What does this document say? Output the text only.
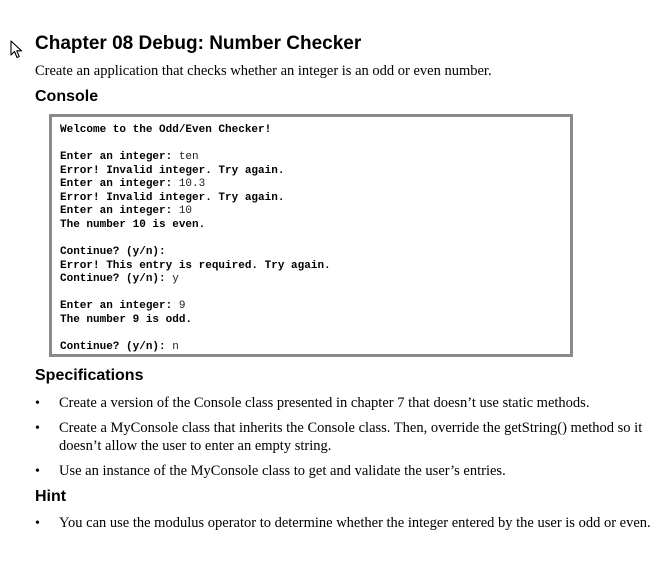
Chapter 08 Debug: Number Checker
Create an application that checks whether an integer is an odd or even number.
Console
Welcome to the Odd/Even Checker!
Enter an integer: ten
Error! Invalid integer. Try again.
Enter an integer: 10.3
Error! Invalid integer. Try again.
Enter an integer: 10
The number 10 is even.
Continue? (y/n):
Error! This entry is required. Try again.
Continue? (y/n): y
Enter an integer: 9
The number 9 is odd.
Continue? (y/n): n
Specifications
• Create a version of the Console class presented in chapter 7 that doesn’t use static methods.
• Create a MyConsole class that inherits the Console class. Then, override the getString() method so it
doesn’t allow the user to enter an empty string.
• Use an instance of the MyConsole class to get and validate the user’s entries.
Hint
• You can use the modulus operator to determine whether the integer entered by the user is odd or even.
